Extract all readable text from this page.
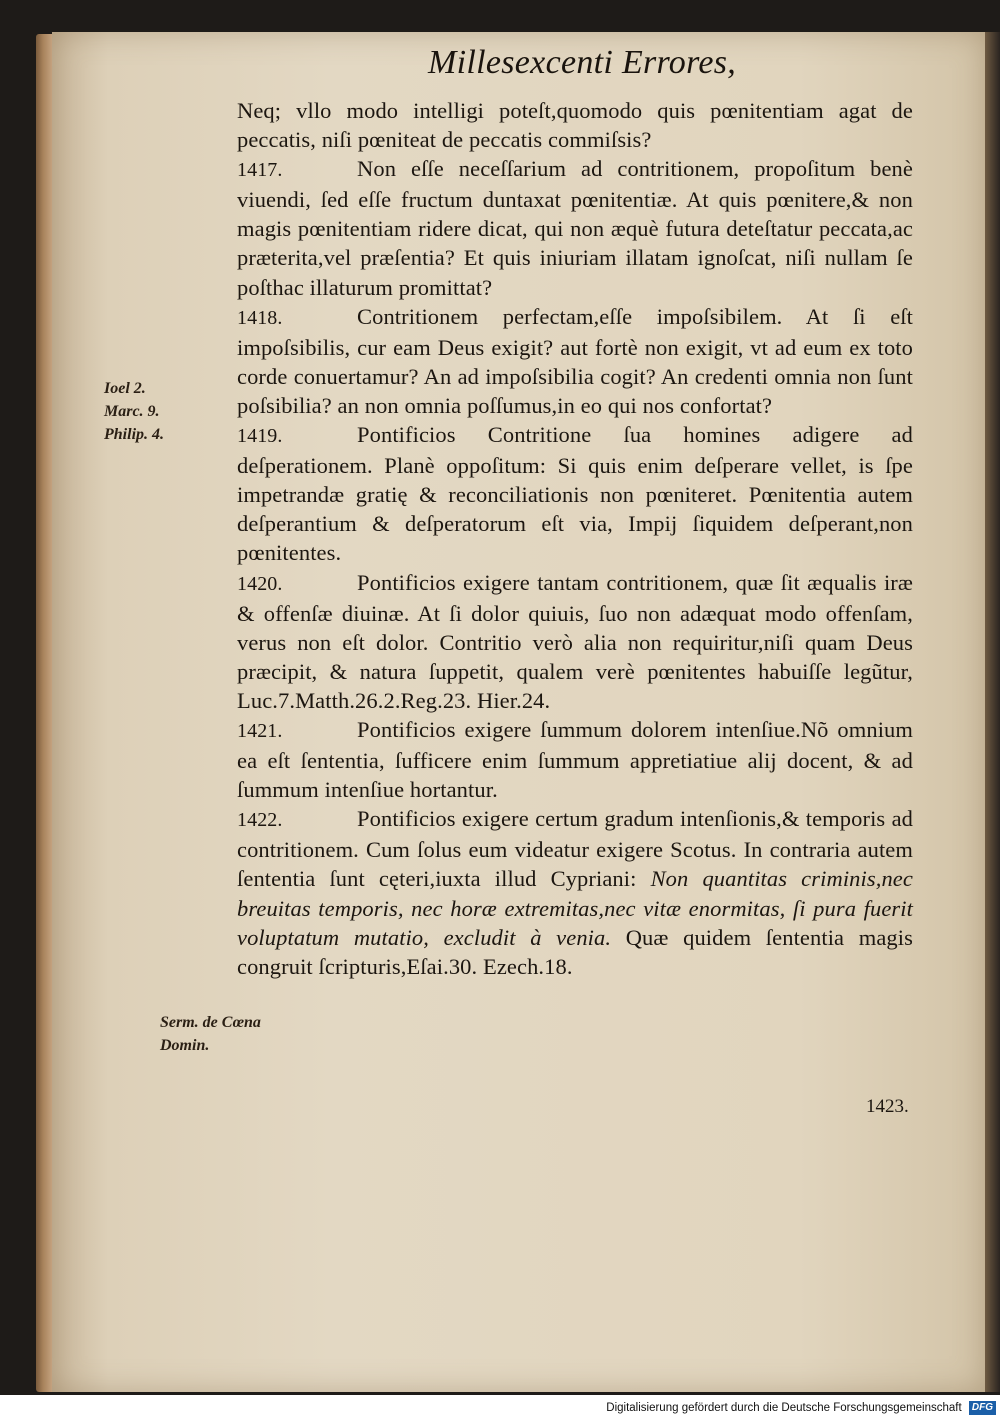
Millesexcenti Errores,

Neq; vllo modo intelligi poteſt,quomodo quis pœnitentiam agat de peccatis, niſi pœniteat de peccatis commiſsis?

1417.	Non eſſe neceſſarium ad contritionem, propoſitum benè viuendi, ſed eſſe fructum duntaxat pœnitentiæ. At quis pœnitere,& non magis pœnitentiam ridere dicat, qui non æquè futura deteſtatur peccata,ac præterita,vel præſentia? Et quis iniuriam illatam ignoſcat, niſi nullam ſe poſthac illaturum promittat?

1418.	Contritionem perfectam,eſſe impoſsibilem. At ſi eſt impoſsibilis, cur eam Deus exigit? aut fortè non exigit, vt ad eum ex toto corde conuertamur? An ad impoſsibilia cogit? An credenti omnia non ſunt poſsibilia? an non omnia poſſumus,in eo qui nos confortat?

1419.	Pontificios Contritione ſua homines adigere ad deſperationem. Planè oppoſitum: Si quis enim deſperare vellet, is ſpe impetrandæ gratię & reconciliationis non pœniteret. Pœnitentia autem deſperantium & deſperatorum eſt via, Impij ſiquidem deſperant,non pœnitentes.

1420.	Pontificios exigere tantam contritionem, quæ ſit æqualis iræ & offenſæ diuinæ. At ſi dolor quiuis, ſuo non adæquat modo offenſam, verus non eſt dolor. Contritio verò alia non requiritur,niſi quam Deus præcipit, & natura ſuppetit, qualem verè pœnitentes habuiſſe legũtur, Luc.7.Matth.26.2.Reg.23. Hier.24.

1421.	Pontificios exigere ſummum dolorem intenſiue.Nõ omnium ea eſt ſententia, ſufficere enim ſummum appretiatiue alij docent, & ad ſummum intenſiue hortantur.

1422.	Pontificios exigere certum gradum intenſionis,& temporis ad contritionem. Cum ſolus eum videatur exigere Scotus. In contraria autem ſententia ſunt cęteri,iuxta illud Cypriani: Non quantitas criminis,nec breuitas temporis, nec horæ extremitas,nec vitæ enormitas, ſi pura fuerit voluptatum mutatio, excludit à venia. Quæ quidem ſententia magis congruit ſcripturis,Eſai.30. Ezech.18.
Ioel 2.
Marc. 9.
Philip. 4.
Serm. de Cœna
Domin.
1423.
Digitalisierung gefördert durch die Deutsche Forschungsgemeinschaft DFG
